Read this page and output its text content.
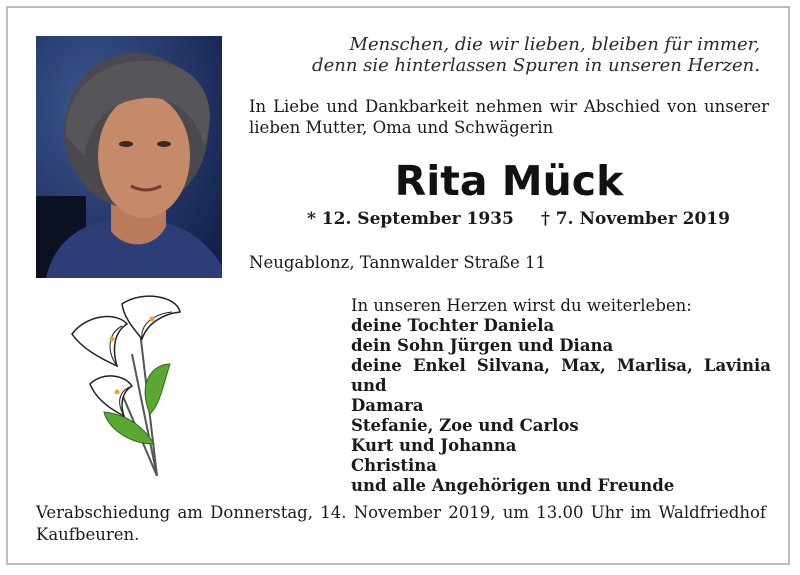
Menschen, die wir lieben, bleiben für immer,
denn sie hinterlassen Spuren in unseren Herzen.
In Liebe und Dankbarkeit nehmen wir Abschied von unserer
lieben Mutter, Oma und Schwägerin
Rita Mück
* 12. September 1935 † 7. November 2019
Neugablonz, Tannwalder Straße 11
In unseren Herzen wirst du weiterleben:
deine Tochter Daniela
dein Sohn Jürgen und Diana
deine Enkel Silvana, Max, Marlisa, Lavinia und
Damara
Stefanie, Zoe und Carlos
Kurt und Johanna
Christina
und alle Angehörigen und Freunde
Verabschiedung am Donnerstag, 14. November 2019, um 13.00 Uhr im Waldfriedhof
Kaufbeuren.
